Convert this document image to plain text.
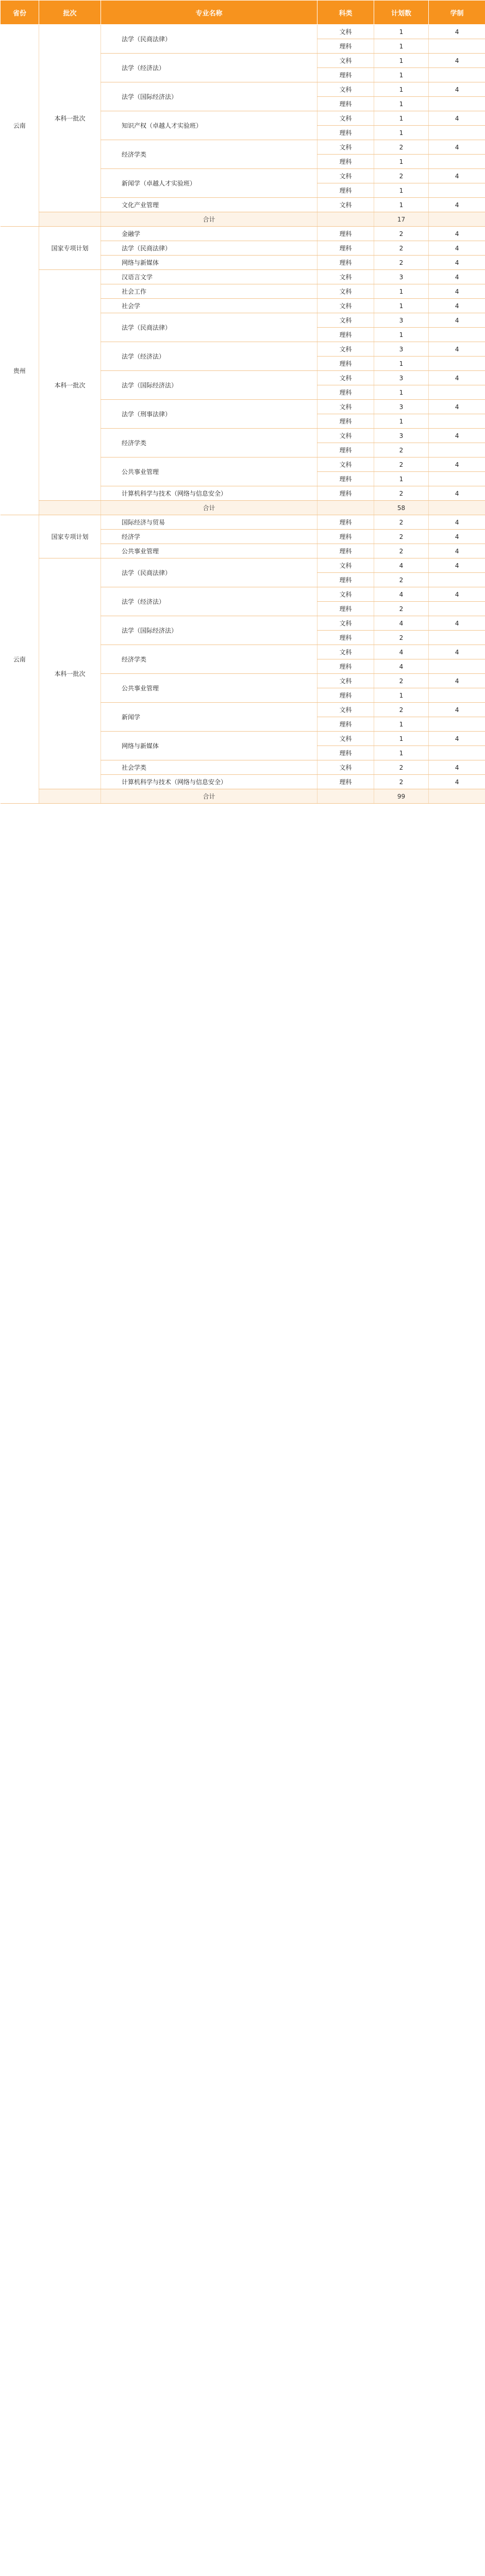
省份	批次	专业名称	科类	计划数	学制
云南	本科一批次	法学（民商法律）	文科	1	4
			理科	1	
		法学（经济法）	文科	1	4
			理科	1	
		法学（国际经济法）	文科	1	4
			理科	1	
		知识产权（卓越人才实验班）	文科	1	4
			理科	1	
		经济学类	文科	2	4
			理科	1	
		新闻学（卓越人才实验班）	文科	2	4
			理科	1	
		文化产业管理	文科	1	4
		合计		17	
贵州	国家专项计划	金融学	理科	2	4
		法学（民商法律）	理科	2	4
		网络与新媒体	理科	2	4
	本科一批次	汉语言文学	文科	3	4
		社会工作	文科	1	4
		社会学	文科	1	4
		法学（民商法律）	文科	3	4
			理科	1	
		法学（经济法）	文科	3	4
			理科	1	
		法学（国际经济法）	文科	3	4
			理科	1	
		法学（刑事法律）	文科	3	4
			理科	1	
		经济学类	文科	3	4
			理科	2	
		公共事业管理	文科	2	4
			理科	1	
		计算机科学与技术（网络与信息安全）	理科	2	4
		合计		58	
云南	国家专项计划	国际经济与贸易	理科	2	4
		经济学	理科	2	4
		公共事业管理	理科	2	4
	本科一批次	法学（民商法律）	文科	4	4
			理科	2	
		法学（经济法）	文科	4	4
			理科	2	
		法学（国际经济法）	文科	4	4
			理科	2	
		经济学类	文科	4	4
			理科	4	
		公共事业管理	文科	2	4
			理科	1	
		新闻学	文科	2	4
			理科	1	
		网络与新媒体	文科	1	4
			理科	1	
		社会学类	文科	2	4
		计算机科学与技术（网络与信息安全）	理科	2	4
		合计		99	
